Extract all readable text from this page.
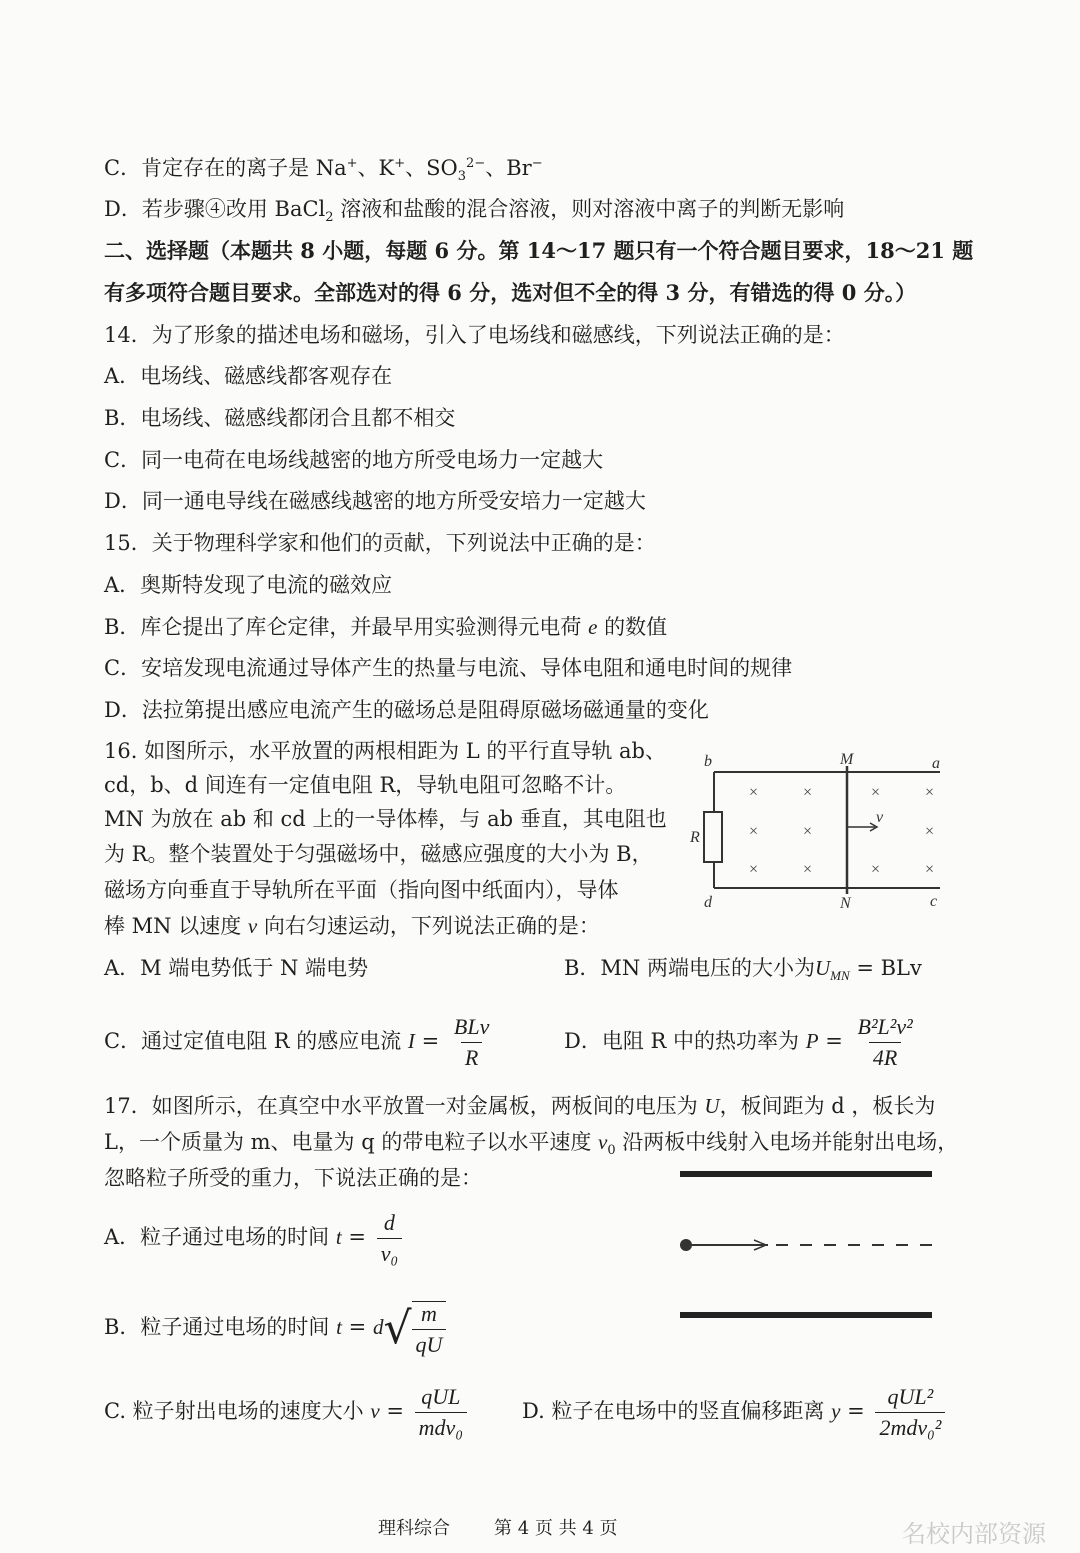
C．肯定存在的离子是 Na+、K+、$SO_3^{2-}$、Br−
D．若步骤④改用 BaCl$_2$ 溶液和盐酸的混合溶液，则对溶液中离子的判断无影响
二、选择题（本题共 8 小题，每题 6 分。第 14～17 题只有一个符合题目要求，18～21 题
有多项符合题目要求。全部选对的得 6 分，选对但不全的得 3 分，有错选的得 0 分。）
14．为了形象的描述电场和磁场，引入了电场线和磁感线，下列说法正确的是：
A．电场线、磁感线都客观存在
B．电场线、磁感线都闭合且都不相交
C．同一电荷在电场线越密的地方所受电场力一定越大
D．同一通电导线在磁感线越密的地方所受安培力一定越大
15．关于物理科学家和他们的贡献，下列说法中正确的是：
A．奥斯特发现了电流的磁效应
B．库仑提出了库仑定律，并最早用实验测得元电荷 e 的数值
C．安培发现电流通过导体产生的热量与电流、导体电阻和通电时间的规律
D．法拉第提出感应电流产生的磁场总是阻碍原磁场磁通量的变化
16. 如图所示，水平放置的两根相距为 L 的平行直导轨 ab、
cd，b、d 间连有一定值电阻 R，导轨电阻可忽略不计。
MN 为放在 ab 和 cd 上的一导体棒，与 ab 垂直，其电阻也
为 R。整个装置处于匀强磁场中，磁感应强度的大小为 B，
磁场方向垂直于导轨所在平面（指向图中纸面内），导体
棒 MN 以速度 v 向右匀速运动，下列说法正确的是：
b	M	a
R
v
d	N	c
×	×	×	×
×	×	×
×	×	×	×
A．M 端电势低于 N 端电势	B．MN 两端电压的大小为$U_{MN}$ = BLv
C．通过定值电阻 R 的感应电流 $I = \frac{\text{BLv}}{R}$	D．电阻 R 中的热功率为 $P = \frac{\text{B²L²v²}}{4R}$
17．如图所示，在真空中水平放置一对金属板，两板间的电压为 U，板间距为 d ，板长为
L，一个质量为 m、电量为 q 的带电粒子以水平速度 $v_0$ 沿两板中线射入电场并能射出电场，
忽略粒子所受的重力，下说法正确的是：
A．粒子通过电场的时间 $t = \frac{d}{\text{v₀}}$
B．粒子通过电场的时间 t = d √ $\frac{m}{qU}$
C. 粒子射出电场的速度大小 $v = \frac{\text{qUL}}{\text{mdv₀}}$	D. 粒子在电场中的竖直偏移距离 $y = \frac{\text{qUL²}}{\text{2mdv₀²}}$
理科综合 第 4 页 共 4 页	名校内部资源
